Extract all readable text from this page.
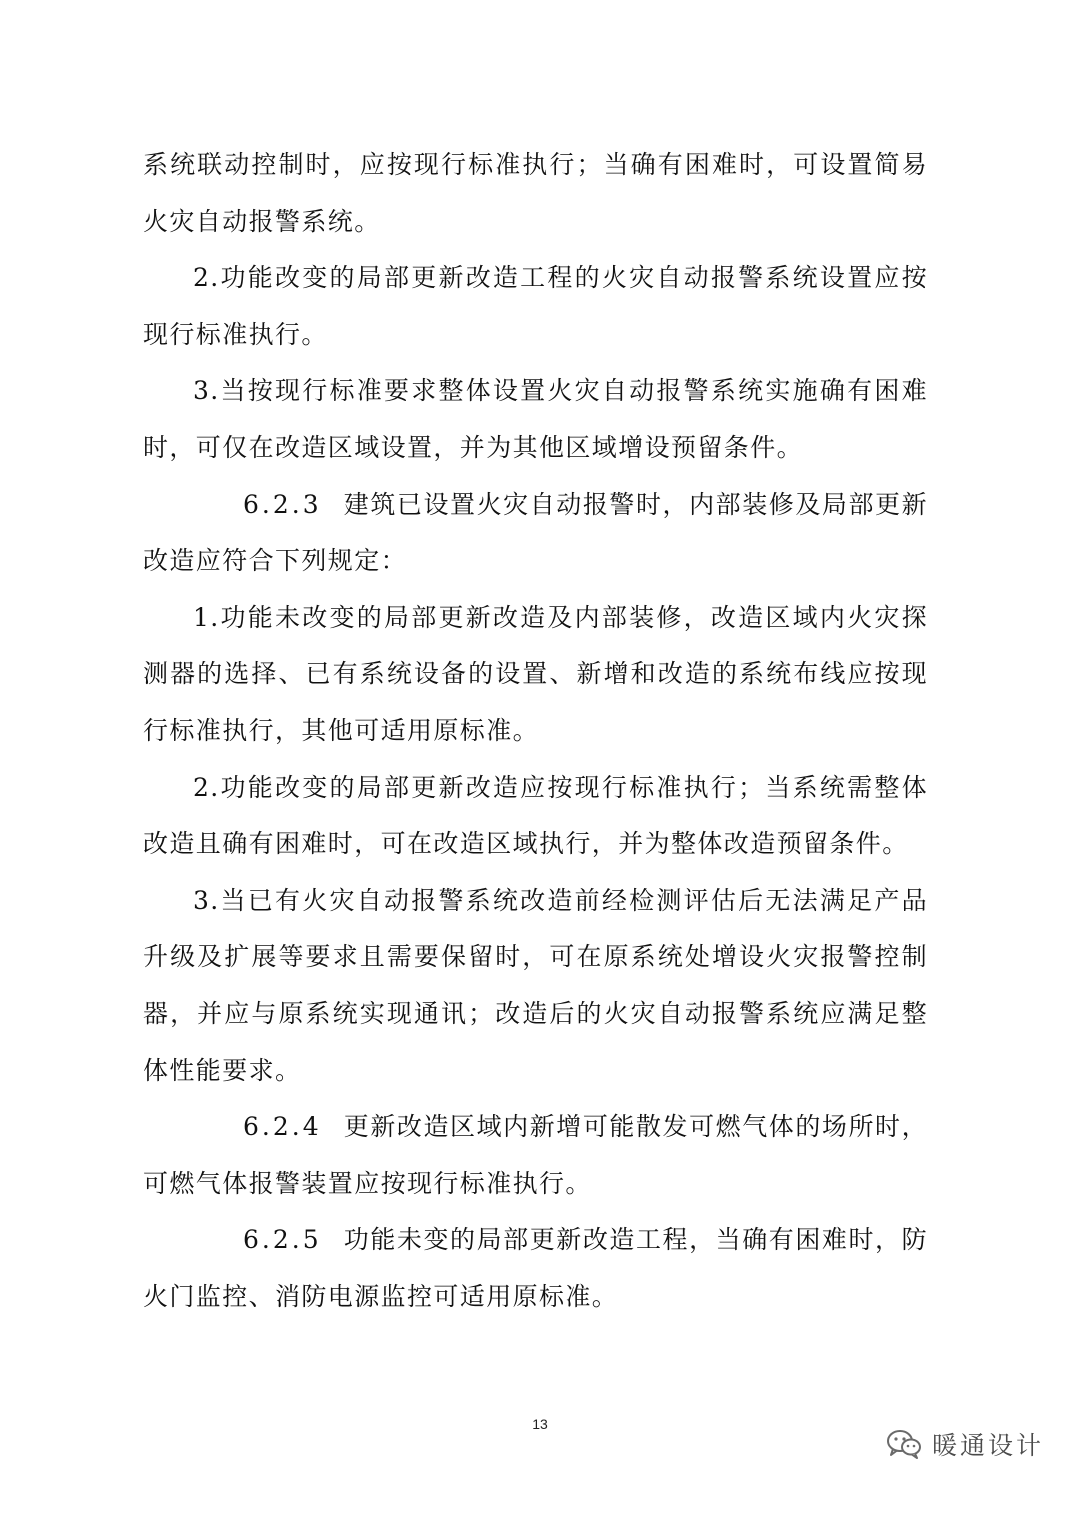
系统联动控制时，应按现行标准执行；当确有困难时，可设置简易火灾自动报警系统。

2.功能改变的局部更新改造工程的火灾自动报警系统设置应按现行标准执行。

3.当按现行标准要求整体设置火灾自动报警系统实施确有困难时，可仅在改造区域设置，并为其他区域增设预留条件。

6.2.3 建筑已设置火灾自动报警时，内部装修及局部更新改造应符合下列规定：

1.功能未改变的局部更新改造及内部装修，改造区域内火灾探测器的选择、已有系统设备的设置、新增和改造的系统布线应按现行标准执行，其他可适用原标准。

2.功能改变的局部更新改造应按现行标准执行；当系统需整体改造且确有困难时，可在改造区域执行，并为整体改造预留条件。

3.当已有火灾自动报警系统改造前经检测评估后无法满足产品升级及扩展等要求且需要保留时，可在原系统处增设火灾报警控制器，并应与原系统实现通讯；改造后的火灾自动报警系统应满足整体性能要求。

6.2.4 更新改造区域内新增可能散发可燃气体的场所时，可燃气体报警装置应按现行标准执行。

6.2.5 功能未变的局部更新改造工程，当确有困难时，防火门监控、消防电源监控可适用原标准。

13
暖通设计
